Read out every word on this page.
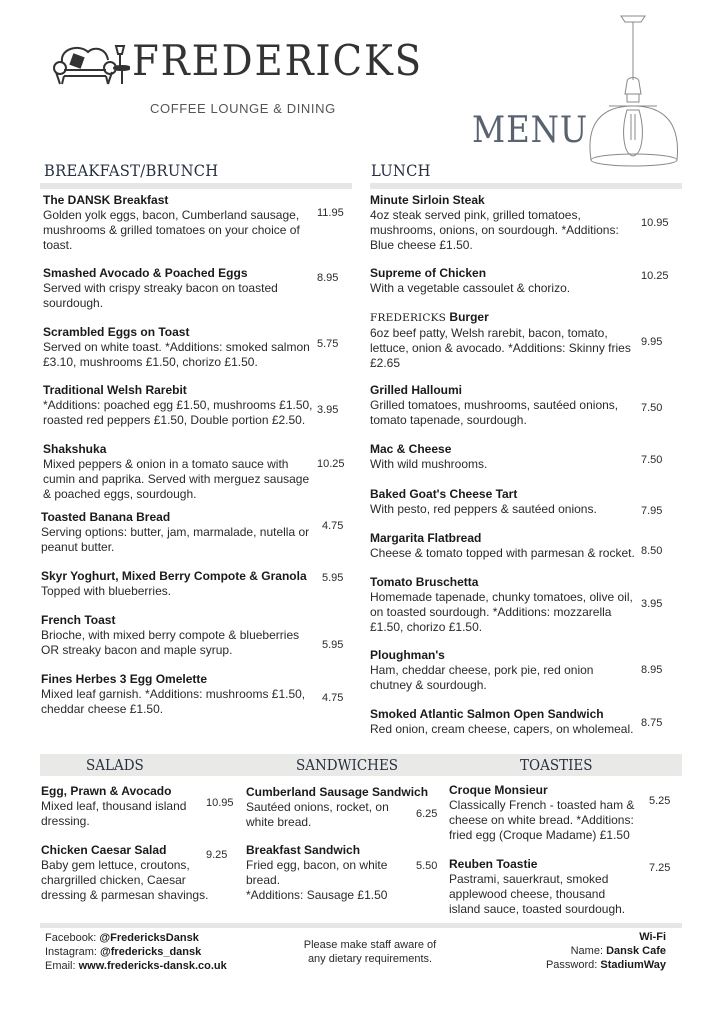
FREDERICKS
COFFEE LOUNGE & DINING
MENU
BREAKFAST/BRUNCH
The DANSK Breakfast
Golden yolk eggs, bacon, Cumberland sausage, mushrooms & grilled tomatoes on your choice of toast.
11.95
Smashed Avocado & Poached Eggs
Served with crispy streaky bacon on toasted sourdough.
8.95
Scrambled Eggs on Toast
Served on white toast. *Additions: smoked salmon £3.10, mushrooms £1.50, chorizo £1.50.
5.75
Traditional Welsh Rarebit
*Additions: poached egg £1.50, mushrooms £1.50, roasted red peppers £1.50, Double portion £2.50.
3.95
Shakshuka
Mixed peppers & onion in a tomato sauce with cumin and paprika. Served with merguez sausage & poached eggs, sourdough.
10.25
Toasted Banana Bread
Serving options: butter, jam, marmalade, nutella or peanut butter.
4.75
Skyr Yoghurt, Mixed Berry Compote & Granola
Topped with blueberries.
5.95
French Toast
Brioche, with mixed berry compote & blueberries OR streaky bacon and maple syrup.	5.95
Fines Herbes 3 Egg Omelette
Mixed leaf garnish. *Additions: mushrooms £1.50, cheddar cheese £1.50.
4.75
LUNCH
Minute Sirloin Steak
4oz steak served pink, grilled tomatoes, mushrooms, onions, on sourdough. *Additions: Blue cheese £1.50.
10.95
Supreme of Chicken
With a vegetable cassoulet & chorizo.
10.25
FREDERICKS Burger
6oz beef patty, Welsh rarebit, bacon, tomato, lettuce, onion & avocado. *Additions: Skinny fries £2.65
9.95
Grilled Halloumi
Grilled tomatoes, mushrooms, sautéed onions, tomato tapenade, sourdough.
7.50
Mac & Cheese
With wild mushrooms.	7.50
Baked Goat's Cheese Tart
With pesto, red peppers & sautéed onions.	7.95
Margarita Flatbread
Cheese & tomato topped with parmesan & rocket. 8.50
Tomato Bruschetta
Homemade tapenade, chunky tomatoes, olive oil, on toasted sourdough. *Additions: mozzarella £1.50, chorizo £1.50.
3.95
Ploughman's
Ham, cheddar cheese, pork pie, red onion chutney & sourdough.
8.95
Smoked Atlantic Salmon Open Sandwich
Red onion, cream cheese, capers, on wholemeal. 8.75
SALADS	SANDWICHES	TOASTIES
Egg, Prawn & Avocado
Mixed leaf, thousand island dressing.
10.95
Chicken Caesar Salad
Baby gem lettuce, croutons, chargrilled chicken, Caesar dressing & parmesan shavings.
9.25
Cumberland Sausage Sandwich
Sautéed onions, rocket, on white bread.
6.25
Breakfast Sandwich
Fried egg, bacon, on white bread.
*Additions: Sausage £1.50
5.50
Croque Monsieur
Classically French - toasted ham & cheese on white bread. *Additions: fried egg (Croque Madame) £1.50
5.25
Reuben Toastie
Pastrami, sauerkraut, smoked applewood cheese, thousand island sauce, toasted sourdough.
7.25
Facebook: @FredericksDansk
Instagram: @fredericks_dansk
Email: www.fredericks-dansk.co.uk
Please make staff aware of
any dietary requirements.
Wi-Fi
Name: Dansk Cafe
Password: StadiumWay
